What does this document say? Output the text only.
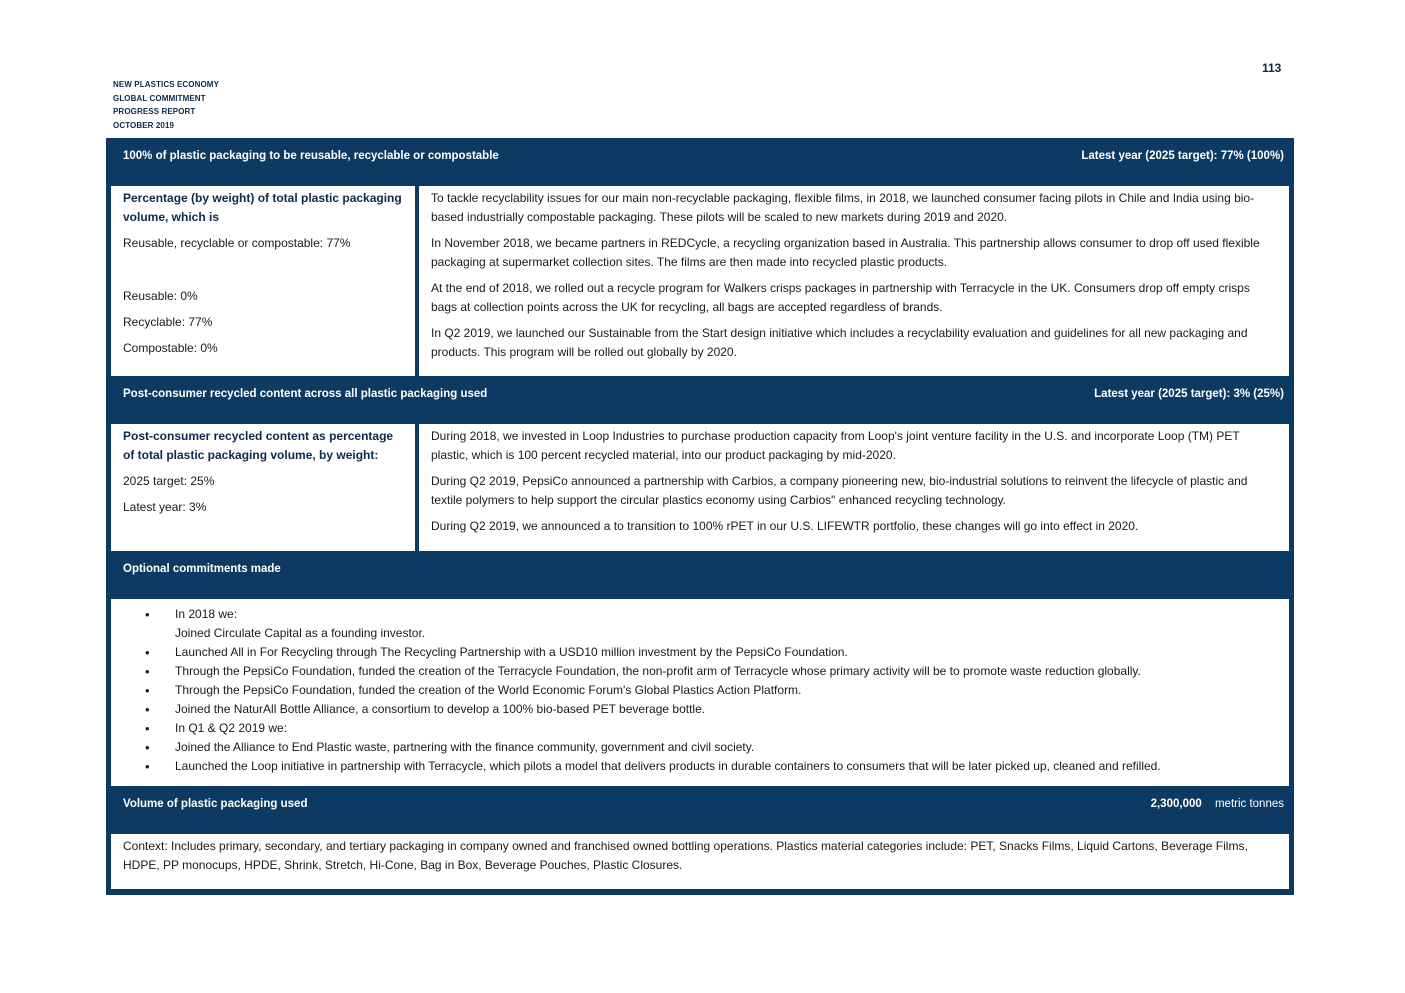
113
NEW PLASTICS ECONOMY
GLOBAL COMMITMENT
PROGRESS REPORT
OCTOBER 2019
100% of plastic packaging to be reusable, recyclable or compostable	Latest year (2025 target): 77% (100%)

Percentage (by weight) of total plastic packaging volume, which is

Reusable, recyclable or compostable: 77%

Reusable: 0%

Recyclable: 77%

Compostable: 0%

To tackle recyclability issues for our main non-recyclable packaging, flexible films, in 2018, we launched consumer facing pilots in Chile and India using bio-based industrially compostable packaging. These pilots will be scaled to new markets during 2019 and 2020.

In November 2018, we became partners in REDCycle, a recycling organization based in Australia. This partnership allows consumer to drop off used flexible packaging at supermarket collection sites. The films are then made into recycled plastic products.

At the end of 2018, we rolled out a recycle program for Walkers crisps packages in partnership with Terracycle in the UK. Consumers drop off empty crisps bags at collection points across the UK for recycling, all bags are accepted regardless of brands.

In Q2 2019, we launched our Sustainable from the Start design initiative which includes a recyclability evaluation and guidelines for all new packaging and products. This program will be rolled out globally by 2020.

Post-consumer recycled content across all plastic packaging used	Latest year (2025 target): 3% (25%)

Post-consumer recycled content as percentage of total plastic packaging volume, by weight:

2025 target: 25%

Latest year: 3%

During 2018, we invested in Loop Industries to purchase production capacity from Loop's joint venture facility in the U.S. and incorporate Loop (TM) PET plastic, which is 100 percent recycled material, into our product packaging by mid-2020.

During Q2 2019, PepsiCo announced a partnership with Carbios, a company pioneering new, bio-industrial solutions to reinvent the lifecycle of plastic and textile polymers to help support the circular plastics economy using Carbios" enhanced recycling technology.

During Q2 2019, we announced a to transition to 100% rPET in our U.S. LIFEWTR portfolio, these changes will go into effect in 2020.

Optional commitments made
• In 2018 we:
Joined Circulate Capital as a founding investor.
• Launched All in For Recycling through The Recycling Partnership with a USD10 million investment by the PepsiCo Foundation.
• Through the PepsiCo Foundation, funded the creation of the Terracycle Foundation, the non-profit arm of Terracycle whose primary activity will be to promote waste reduction globally.
• Through the PepsiCo Foundation, funded the creation of the World Economic Forum's Global Plastics Action Platform.
• Joined the NaturAll Bottle Alliance, a consortium to develop a 100% bio-based PET beverage bottle.
• In Q1 & Q2 2019 we:
• Joined the Alliance to End Plastic waste, partnering with the finance community, government and civil society.
• Launched the Loop initiative in partnership with Terracycle, which pilots a model that delivers products in durable containers to consumers that will be later picked up, cleaned and refilled.
Volume of plastic packaging used	2,300,000 metric tonnes

Context: Includes primary, secondary, and tertiary packaging in company owned and franchised owned bottling operations. Plastics material categories include: PET, Snacks Films, Liquid Cartons, Beverage Films, HDPE, PP monocups, HPDE, Shrink, Stretch, Hi-Cone, Bag in Box, Beverage Pouches, Plastic Closures.
